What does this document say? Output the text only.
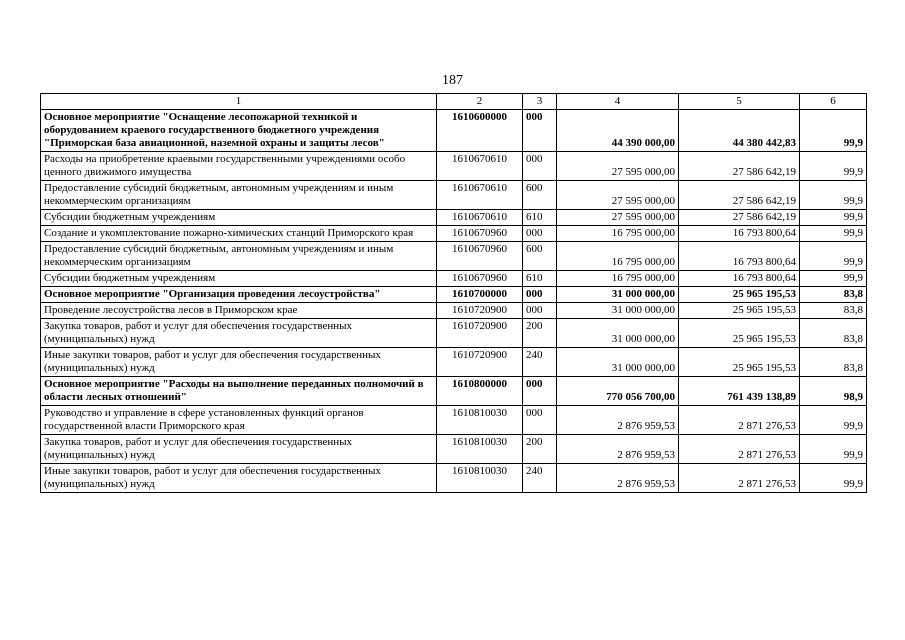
187
1	2	3	4	5	6
Основное мероприятие "Оснащение лесопожарной техникой и оборудованием краевого государственного бюджетного учреждения "Приморская база авиационной, наземной охраны и защиты лесов"	1610600000	000	44 390 000,00	44 380 442,83	99,9
Расходы на приобретение краевыми государственными учреждениями особо ценного движимого имущества	1610670610	000	27 595 000,00	27 586 642,19	99,9
Предоставление субсидий бюджетным, автономным учреждениям и иным некоммерческим организациям	1610670610	600	27 595 000,00	27 586 642,19	99,9
Субсидии бюджетным учреждениям	1610670610	610	27 595 000,00	27 586 642,19	99,9
Создание и укомплектование пожарно-химических станций Приморского края	1610670960	000	16 795 000,00	16 793 800,64	99,9
Предоставление субсидий бюджетным, автономным учреждениям и иным некоммерческим организациям	1610670960	600	16 795 000,00	16 793 800,64	99,9
Субсидии бюджетным учреждениям	1610670960	610	16 795 000,00	16 793 800,64	99,9
Основное мероприятие "Организация проведения лесоустройства"	1610700000	000	31 000 000,00	25 965 195,53	83,8
Проведение лесоустройства лесов в Приморском крае	1610720900	000	31 000 000,00	25 965 195,53	83,8
Закупка товаров, работ и услуг для обеспечения государственных (муниципальных) нужд	1610720900	200	31 000 000,00	25 965 195,53	83,8
Иные закупки товаров, работ и услуг для обеспечения государственных (муниципальных) нужд	1610720900	240	31 000 000,00	25 965 195,53	83,8
Основное мероприятие "Расходы на выполнение переданных полномочий в области лесных отношений"	1610800000	000	770 056 700,00	761 439 138,89	98,9
Руководство и управление в сфере установленных функций органов государственной власти Приморского края	1610810030	000	2 876 959,53	2 871 276,53	99,9
Закупка товаров, работ и услуг для обеспечения государственных (муниципальных) нужд	1610810030	200	2 876 959,53	2 871 276,53	99,9
Иные закупки товаров, работ и услуг для обеспечения государственных (муниципальных) нужд	1610810030	240	2 876 959,53	2 871 276,53	99,9
